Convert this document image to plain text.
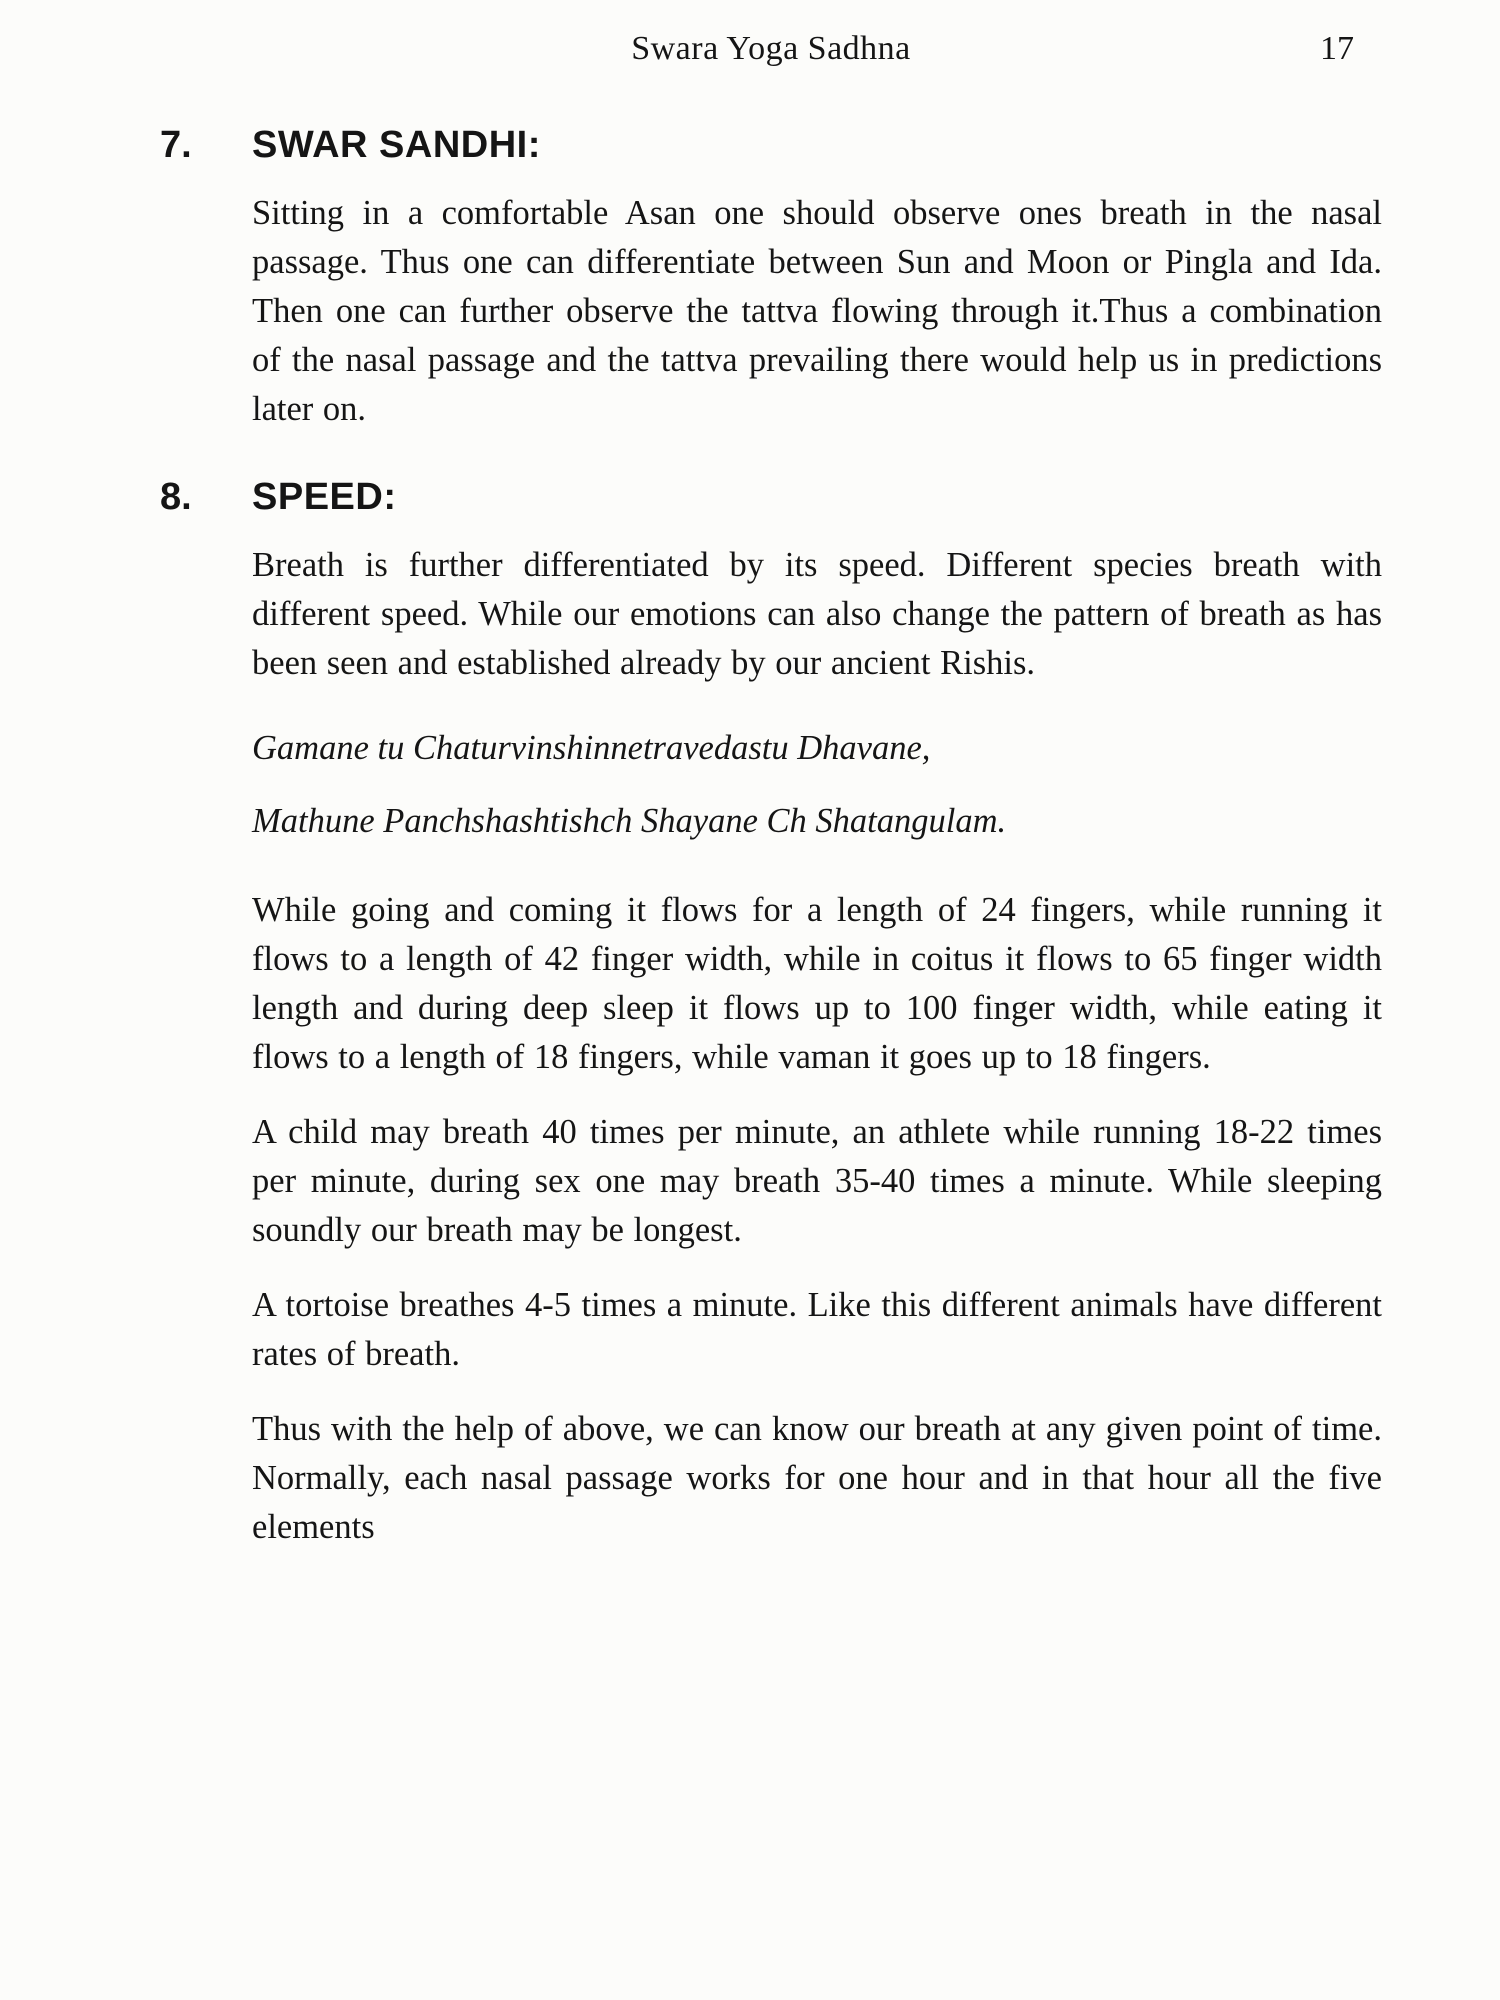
Swara Yoga Sadhna	17
7.	SWAR SANDHI:

Sitting in a comfortable Asan one should observe ones breath in the nasal passage. Thus one can differentiate between Sun and Moon or Pingla and Ida. Then one can further observe the tattva flowing through it.Thus a combination of the nasal passage and the tattva prevailing there would help us in predictions later on.

8.	SPEED:

Breath is further differentiated by its speed. Different species breath with different speed. While our emotions can also change the pattern of breath as has been seen and established already by our ancient Rishis.

Gamane tu Chaturvinshinnetravedastu Dhavane,

Mathune Panchshashtishch Shayane Ch Shatangulam.

While going and coming it flows for a length of 24 fingers, while running it flows to a length of 42 finger width, while in coitus it flows to 65 finger width length and during deep sleep it flows up to 100 finger width, while eating it flows to a length of 18 fingers, while vaman it goes up to 18 fingers.

A child may breath 40 times per minute, an athlete while running 18-22 times per minute, during sex one may breath 35-40 times a minute. While sleeping soundly our breath may be longest.

A tortoise breathes 4-5 times a minute. Like this different animals have different rates of breath.

Thus with the help of above, we can know our breath at any given point of time. Normally, each nasal passage works for one hour and in that hour all the five elements
